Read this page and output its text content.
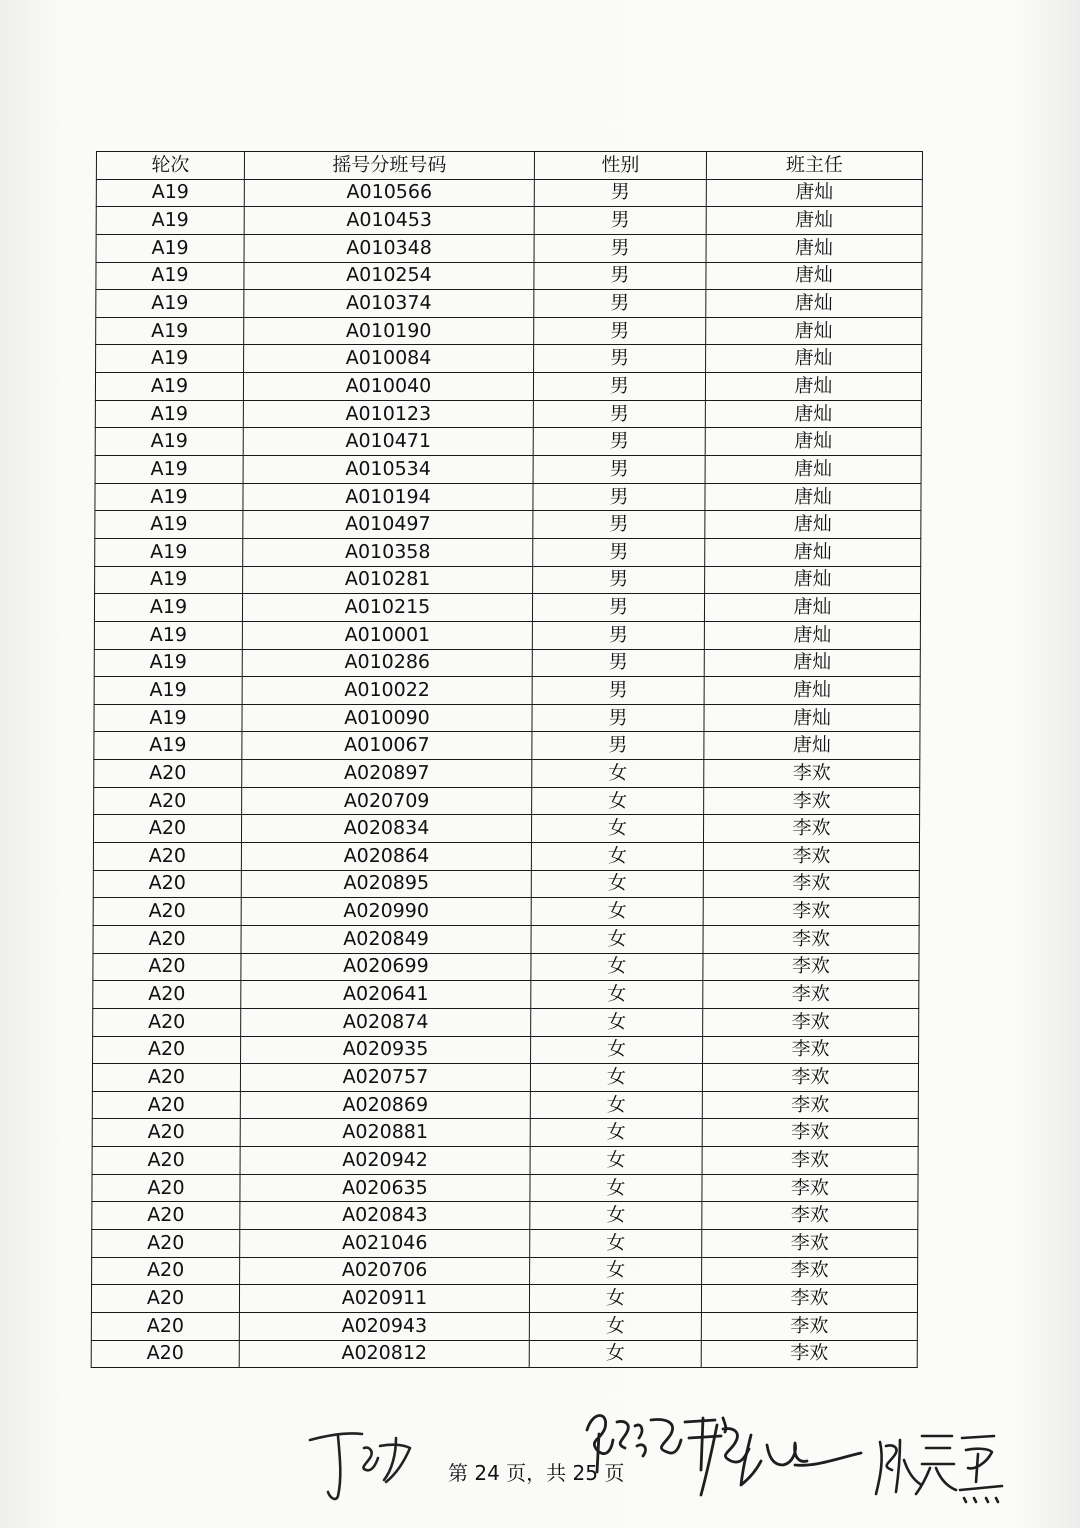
轮次	摇号分班号码	性别	班主任
A19	A010566	男	唐灿
A19	A010453	男	唐灿
A19	A010348	男	唐灿
A19	A010254	男	唐灿
A19	A010374	男	唐灿
A19	A010190	男	唐灿
A19	A010084	男	唐灿
A19	A010040	男	唐灿
A19	A010123	男	唐灿
A19	A010471	男	唐灿
A19	A010534	男	唐灿
A19	A010194	男	唐灿
A19	A010497	男	唐灿
A19	A010358	男	唐灿
A19	A010281	男	唐灿
A19	A010215	男	唐灿
A19	A010001	男	唐灿
A19	A010286	男	唐灿
A19	A010022	男	唐灿
A19	A010090	男	唐灿
A19	A010067	男	唐灿
A20	A020897	女	李欢
A20	A020709	女	李欢
A20	A020834	女	李欢
A20	A020864	女	李欢
A20	A020895	女	李欢
A20	A020990	女	李欢
A20	A020849	女	李欢
A20	A020699	女	李欢
A20	A020641	女	李欢
A20	A020874	女	李欢
A20	A020935	女	李欢
A20	A020757	女	李欢
A20	A020869	女	李欢
A20	A020881	女	李欢
A20	A020942	女	李欢
A20	A020635	女	李欢
A20	A020843	女	李欢
A20	A021046	女	李欢
A20	A020706	女	李欢
A20	A020911	女	李欢
A20	A020943	女	李欢
A20	A020812	女	李欢
第 24 页，共 25 页
